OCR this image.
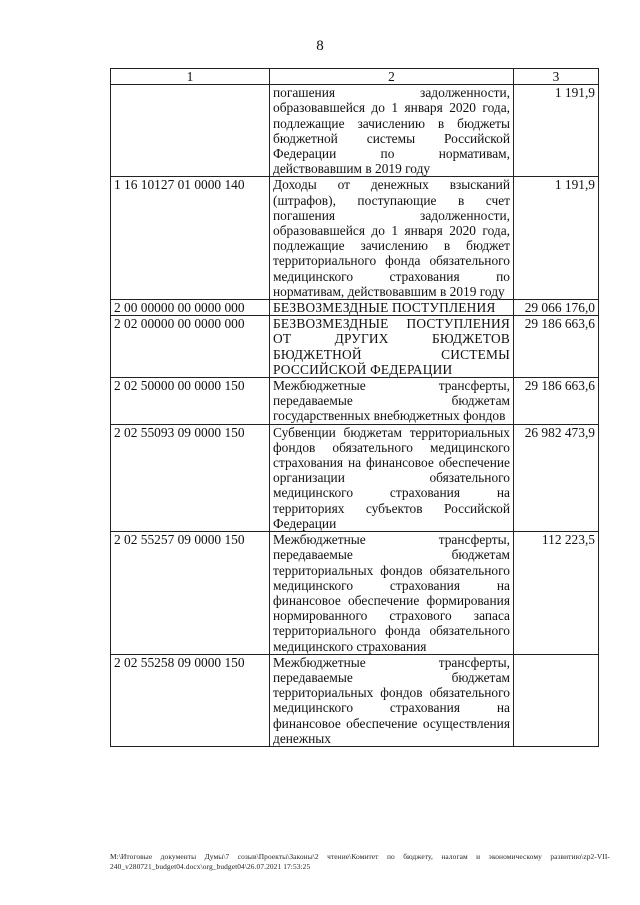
8
1	2	3
	погашения задолженности, образовавшейся до 1 января 2020 года, подлежащие зачислению в бюджеты бюджетной системы Российской Федерации по нормативам, действовавшим в 2019 году	1 191,9
1 16 10127 01 0000 140	Доходы от денежных взысканий (штрафов), поступающие в счет погашения задолженности, образовавшейся до 1 января 2020 года, подлежащие зачислению в бюджет территориального фонда обязательного медицинского страхования по нормативам, действовавшим в 2019 году	1 191,9
2 00 00000 00 0000 000	БЕЗВОЗМЕЗДНЫЕ ПОСТУПЛЕНИЯ	29 066 176,0
2 02 00000 00 0000 000	БЕЗВОЗМЕЗДНЫЕ ПОСТУПЛЕНИЯ ОТ ДРУГИХ БЮДЖЕТОВ БЮДЖЕТНОЙ СИСТЕМЫ РОССИЙСКОЙ ФЕДЕРАЦИИ	29 186 663,6
2 02 50000 00 0000 150	Межбюджетные трансферты, передаваемые бюджетам государственных внебюджетных фондов	29 186 663,6
2 02 55093 09 0000 150	Субвенции бюджетам территориальных фондов обязательного медицинского страхования на финансовое обеспечение организации обязательного медицинского страхования на территориях субъектов Российской Федерации	26 982 473,9
2 02 55257 09 0000 150	Межбюджетные трансферты, передаваемые бюджетам территориальных фондов обязательного медицинского страхования на финансовое обеспечение формирования нормированного страхового запаса территориального фонда обязательного медицинского страхования	112 223,5
2 02 55258 09 0000 150	Межбюджетные трансферты, передаваемые бюджетам территориальных фондов обязательного медицинского страхования на финансовое обеспечение осуществления денежных	
M:\Итоговые документы Думы\7 созыв\Проекты\Законы\2 чтение\Комитет по бюджету, налогам и экономическому развитию\zp2-VII-240_v280721_budget04.docx\org_budget04\26.07.2021 17:53:25
